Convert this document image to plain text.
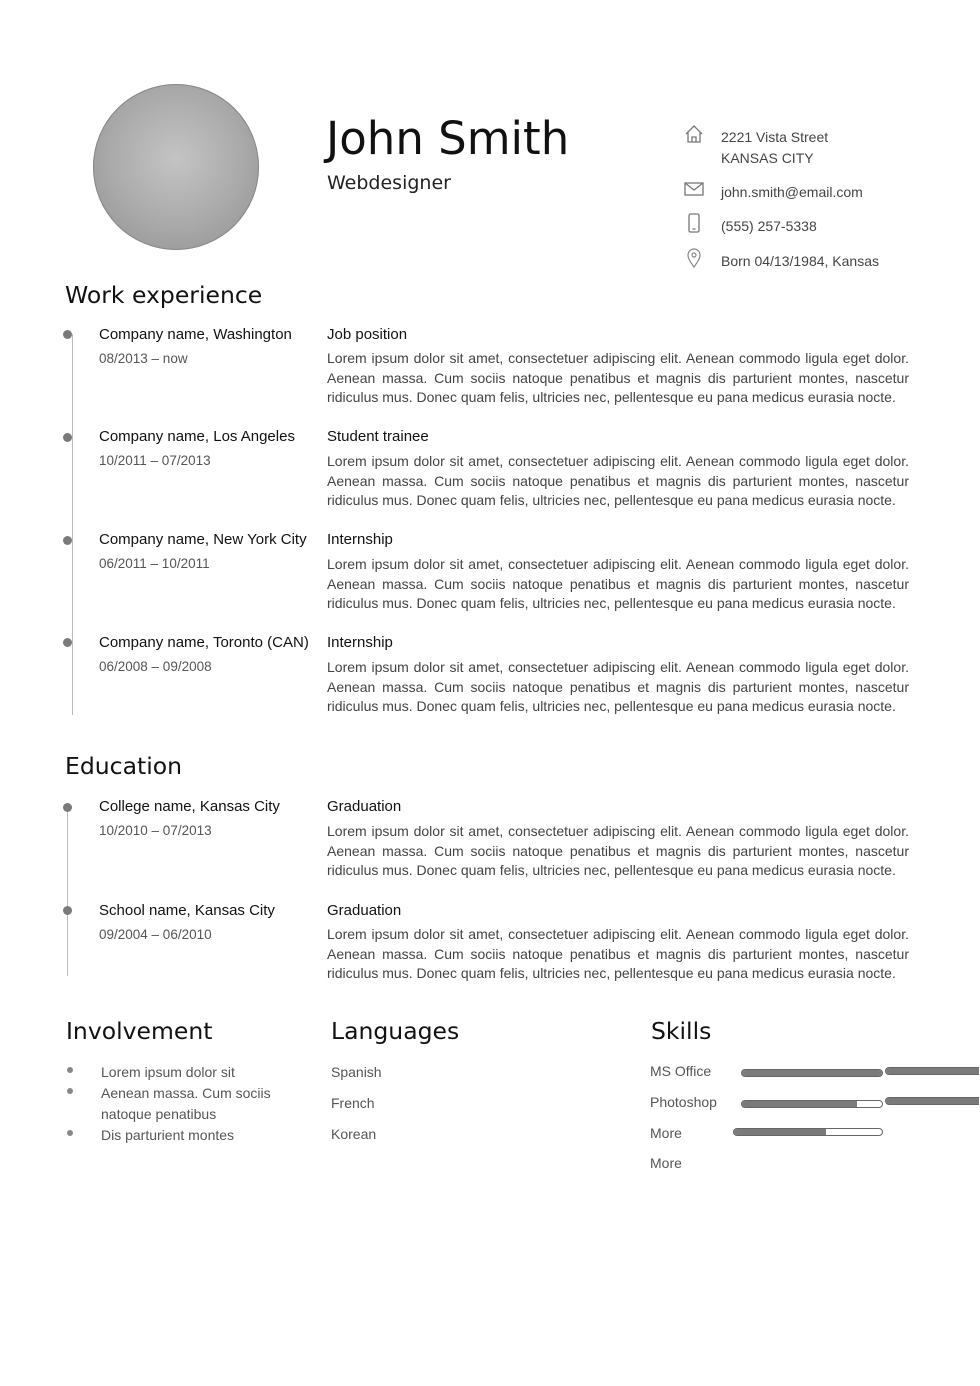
John Smith
Webdesigner
2221 Vista Street
KANSAS CITY
john.smith@email.com
(555) 257-5338
Born 04/13/1984, Kansas
Work experience
Company name, Washington
08/2013 – now
Job position

Lorem ipsum dolor sit amet, consectetuer adipiscing elit. Aenean commodo ligula eget dolor. Aenean massa. Cum sociis natoque penatibus et magnis dis parturient montes, nascetur ridiculus mus. Donec quam felis, ultricies nec, pellentesque eu pana medicus eurasia nocte.

Company name, Los Angeles
10/2011 – 07/2013
Student trainee

Lorem ipsum dolor sit amet, consectetuer adipiscing elit. Aenean commodo ligula eget dolor. Aenean massa. Cum sociis natoque penatibus et magnis dis parturient montes, nascetur ridiculus mus. Donec quam felis, ultricies nec, pellentesque eu pana medicus eurasia nocte.

Company name, New York City
06/2011 – 10/2011
Internship

Lorem ipsum dolor sit amet, consectetuer adipiscing elit. Aenean commodo ligula eget dolor. Aenean massa. Cum sociis natoque penatibus et magnis dis parturient montes, nascetur ridiculus mus. Donec quam felis, ultricies nec, pellentesque eu pana medicus eurasia nocte.

Company name, Toronto (CAN)
06/2008 – 09/2008
Internship

Lorem ipsum dolor sit amet, consectetuer adipiscing elit. Aenean commodo ligula eget dolor. Aenean massa. Cum sociis natoque penatibus et magnis dis parturient montes, nascetur ridiculus mus. Donec quam felis, ultricies nec, pellentesque eu pana medicus eurasia nocte.

Education
College name, Kansas City
10/2010 – 07/2013
Graduation

Lorem ipsum dolor sit amet, consectetuer adipiscing elit. Aenean commodo ligula eget dolor. Aenean massa. Cum sociis natoque penatibus et magnis dis parturient montes, nascetur ridiculus mus. Donec quam felis, ultricies nec, pellentesque eu pana medicus eurasia nocte.

School name, Kansas City
09/2004 – 06/2010
Graduation

Lorem ipsum dolor sit amet, consectetuer adipiscing elit. Aenean commodo ligula eget dolor. Aenean massa. Cum sociis natoque penatibus et magnis dis parturient montes, nascetur ridiculus mus. Donec quam felis, ultricies nec, pellentesque eu pana medicus eurasia nocte.

Involvement
Lorem ipsum dolor sit
Aenean massa. Cum sociis natoque penatibus
Dis parturient montes
Languages
Spanish
French
Korean
Skills
MS Office
Photoshop
More
More
